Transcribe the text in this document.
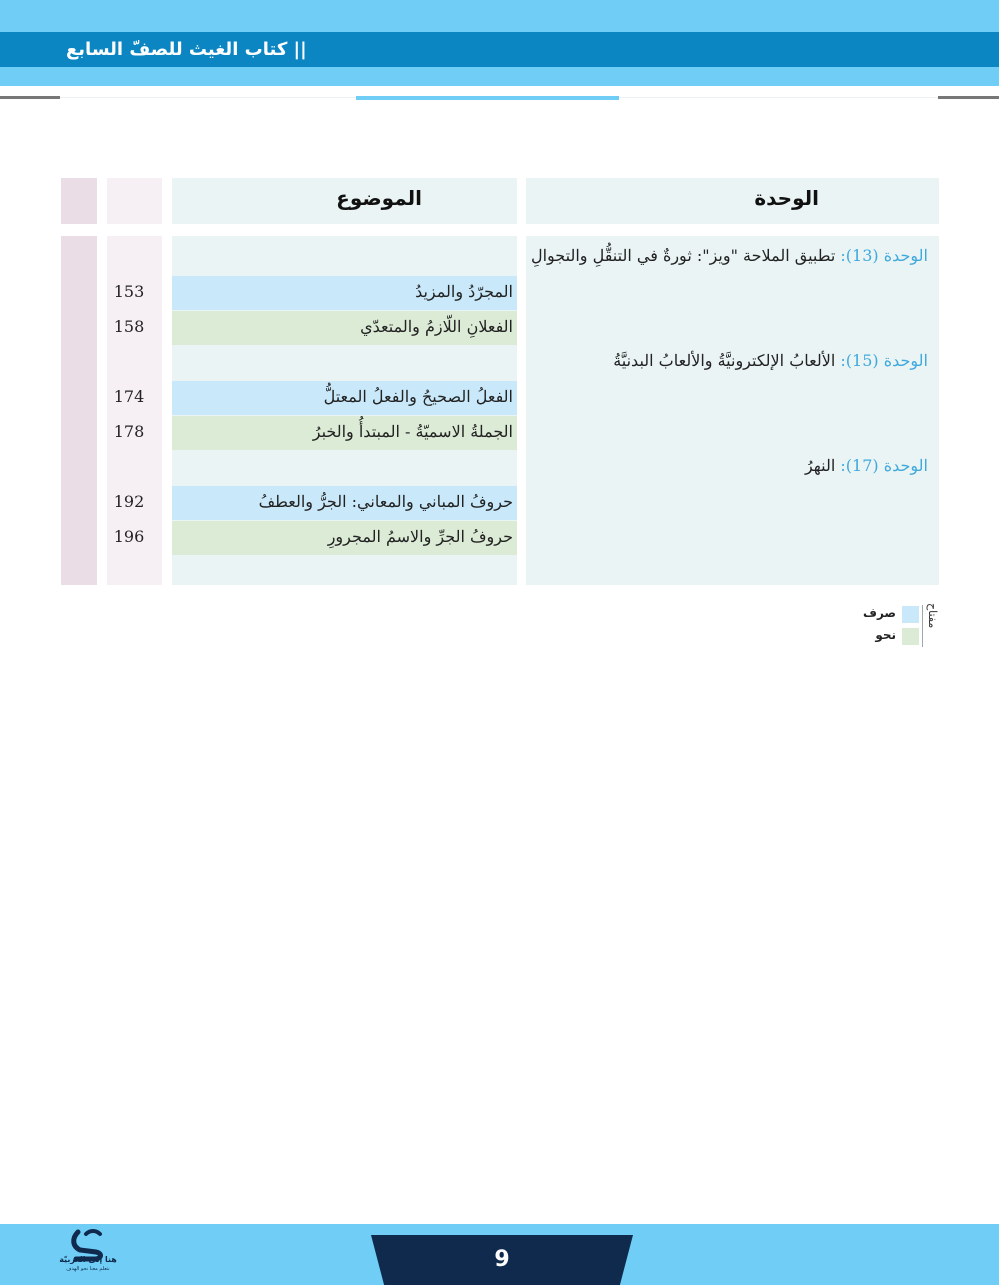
|| كتاب الغيث للصفّ السابع
الموضوع	الوحدة
الوحدة (13): تطبيق الملاحة "ويز": ثورةٌ في التنقُّلِ والتجوالِ
الوحدة (15): الألعابُ الإلكترونيَّةُ والألعابُ البدنيَّةُ
الوحدة (17): النهرُ
المجرّدُ والمزيدُ
153
الفعلانِ اللّازمُ والمتعدّي
158
الفعلُ الصحيحُ والفعلُ المعتلُّ
174
الجملةُ الاسميّةُ - المبتدأُ والخبرُ
178
حروفُ المباني والمعاني: الجرُّ والعطفُ
192
حروفُ الجرِّ والاسمُ المجرورِ
196
مفتاح
صرف
نحو
9
هنا إلى العربيّة
نتعلم معنا نحو الهدف
